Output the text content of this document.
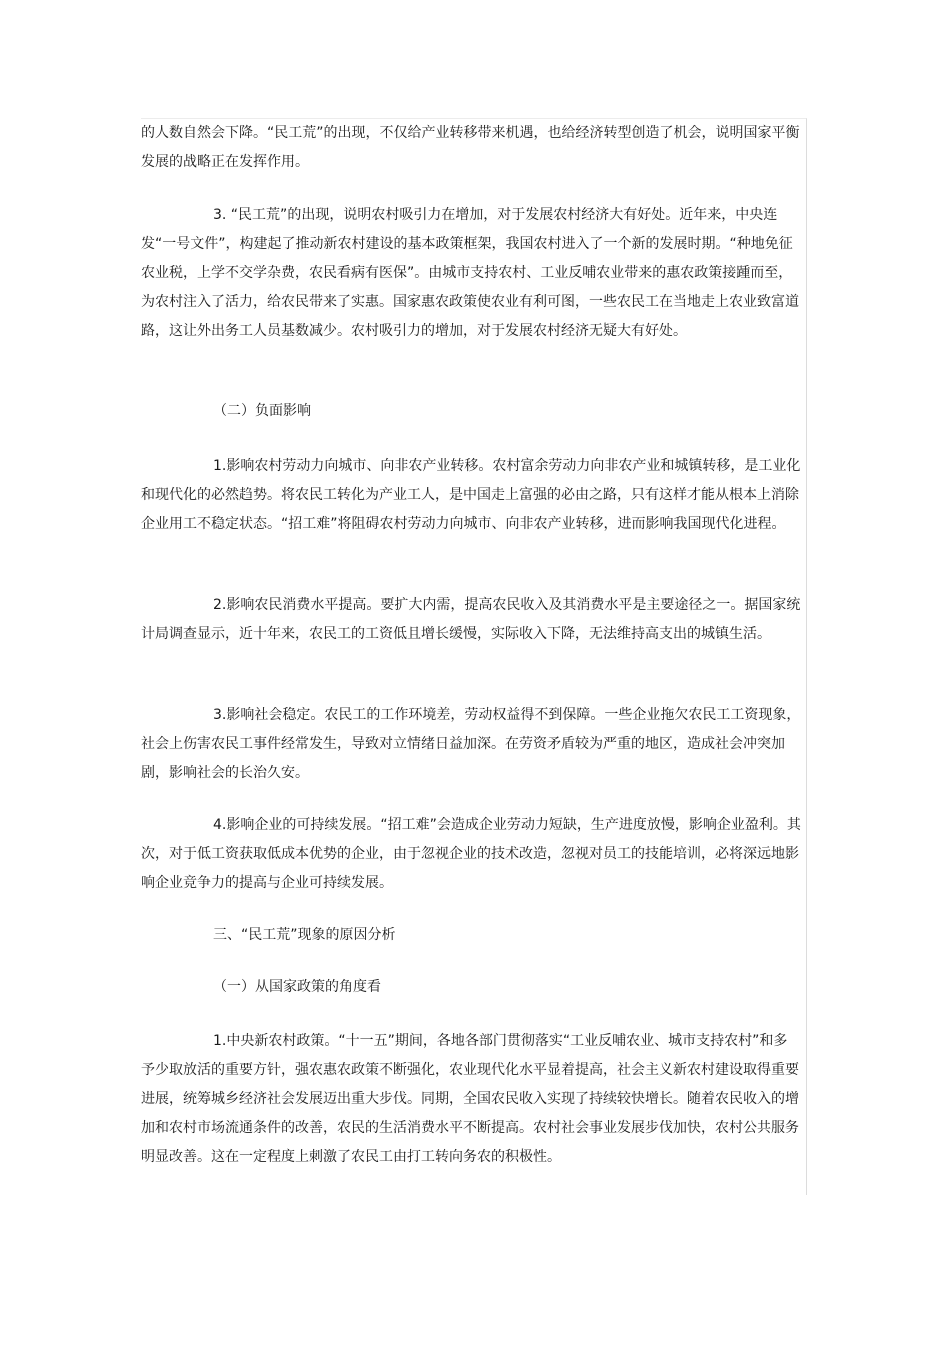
的人数自然会下降。“民工荒”的出现，不仅给产业转移带来机遇，也给经济转型创造了机会，说明国家平衡发展的战略正在发挥作用。

3. “民工荒”的出现，说明农村吸引力在增加，对于发展农村经济大有好处。近年来，中央连发“一号文件”，构建起了推动新农村建设的基本政策框架，我国农村进入了一个新的发展时期。“种地免征农业税，上学不交学杂费，农民看病有医保”。由城市支持农村、工业反哺农业带来的惠农政策接踵而至，为农村注入了活力，给农民带来了实惠。国家惠农政策使农业有利可图，一些农民工在当地走上农业致富道路，这让外出务工人员基数减少。农村吸引力的增加，对于发展农村经济无疑大有好处。

（二）负面影响

1.影响农村劳动力向城市、向非农产业转移。农村富余劳动力向非农产业和城镇转移，是工业化和现代化的必然趋势。将农民工转化为产业工人，是中国走上富强的必由之路，只有这样才能从根本上消除企业用工不稳定状态。“招工难”将阻碍农村劳动力向城市、向非农产业转移，进而影响我国现代化进程。

2.影响农民消费水平提高。要扩大内需，提高农民收入及其消费水平是主要途径之一。据国家统计局调查显示，近十年来，农民工的工资低且增长缓慢，实际收入下降，无法维持高支出的城镇生活。

3.影响社会稳定。农民工的工作环境差，劳动权益得不到保障。一些企业拖欠农民工工资现象，社会上伤害农民工事件经常发生，导致对立情绪日益加深。在劳资矛盾较为严重的地区，造成社会冲突加剧，影响社会的长治久安。

4.影响企业的可持续发展。“招工难”会造成企业劳动力短缺，生产进度放慢，影响企业盈利。其次，对于低工资获取低成本优势的企业，由于忽视企业的技术改造，忽视对员工的技能培训，必将深远地影响企业竞争力的提高与企业可持续发展。

三、“民工荒”现象的原因分析

（一）从国家政策的角度看

1.中央新农村政策。“十一五”期间，各地各部门贯彻落实“工业反哺农业、城市支持农村”和多予少取放活的重要方针，强农惠农政策不断强化，农业现代化水平显着提高，社会主义新农村建设取得重要进展，统筹城乡经济社会发展迈出重大步伐。同期，全国农民收入实现了持续较快增长。随着农民收入的增加和农村市场流通条件的改善，农民的生活消费水平不断提高。农村社会事业发展步伐加快，农村公共服务明显改善。这在一定程度上刺激了农民工由打工转向务农的积极性。
